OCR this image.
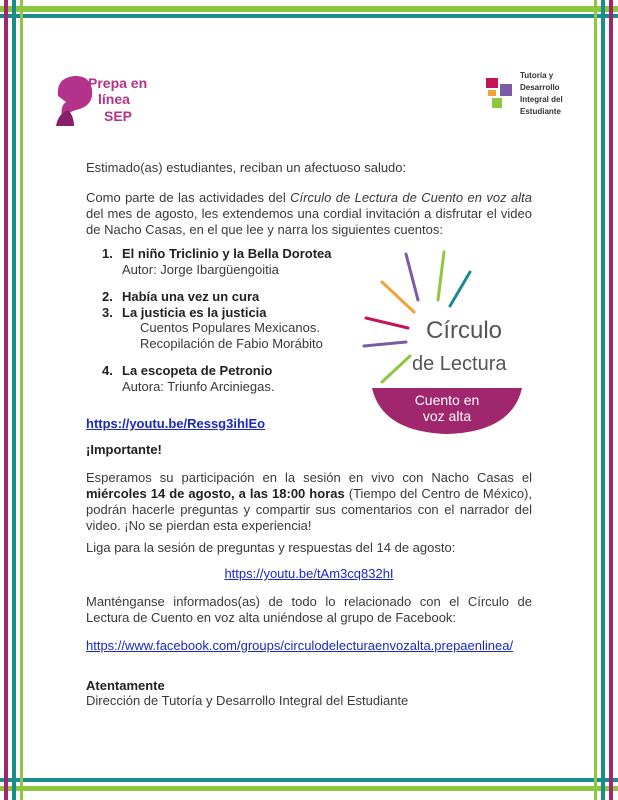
Prepa en
línea
SEP
Tutoría y
Desarrollo
Integral del
Estudiante

Estimado(as) estudiantes, reciban un afectuoso saludo:

Como parte de las actividades del Círculo de Lectura de Cuento en voz alta del mes de agosto, les extendemos una cordial invitación a disfrutar el video de Nacho Casas, en el que lee y narra los siguientes cuentos:

1. El niño Triclinio y la Bella Dorotea
Autor: Jorge Ibargüengoitia
2. Había una vez un cura
3. La justicia es la justicia
Cuentos Populares Mexicanos.
Recopilación de Fabio Morábito
4. La escopeta de Petronio
Autora: Triunfo Arciniegas.
Círculo
de Lectura
Cuento en
voz alta

https://youtu.be/Ressg3ihlEo

¡Importante!

Esperamos su participación en la sesión en vivo con Nacho Casas el miércoles 14 de agosto, a las 18:00 horas (Tiempo del Centro de México), podrán hacerle preguntas y compartir sus comentarios con el narrador del video. ¡No se pierdan esta experiencia!

Liga para la sesión de preguntas y respuestas del 14 de agosto:

https://youtu.be/tAm3cq832hI

Manténganse informados(as) de todo lo relacionado con el Círculo de Lectura de Cuento en voz alta uniéndose al grupo de Facebook:

https://www.facebook.com/groups/circulodelecturaenvozalta.prepaenlinea/

Atentamente

Dirección de Tutoría y Desarrollo Integral del Estudiante
